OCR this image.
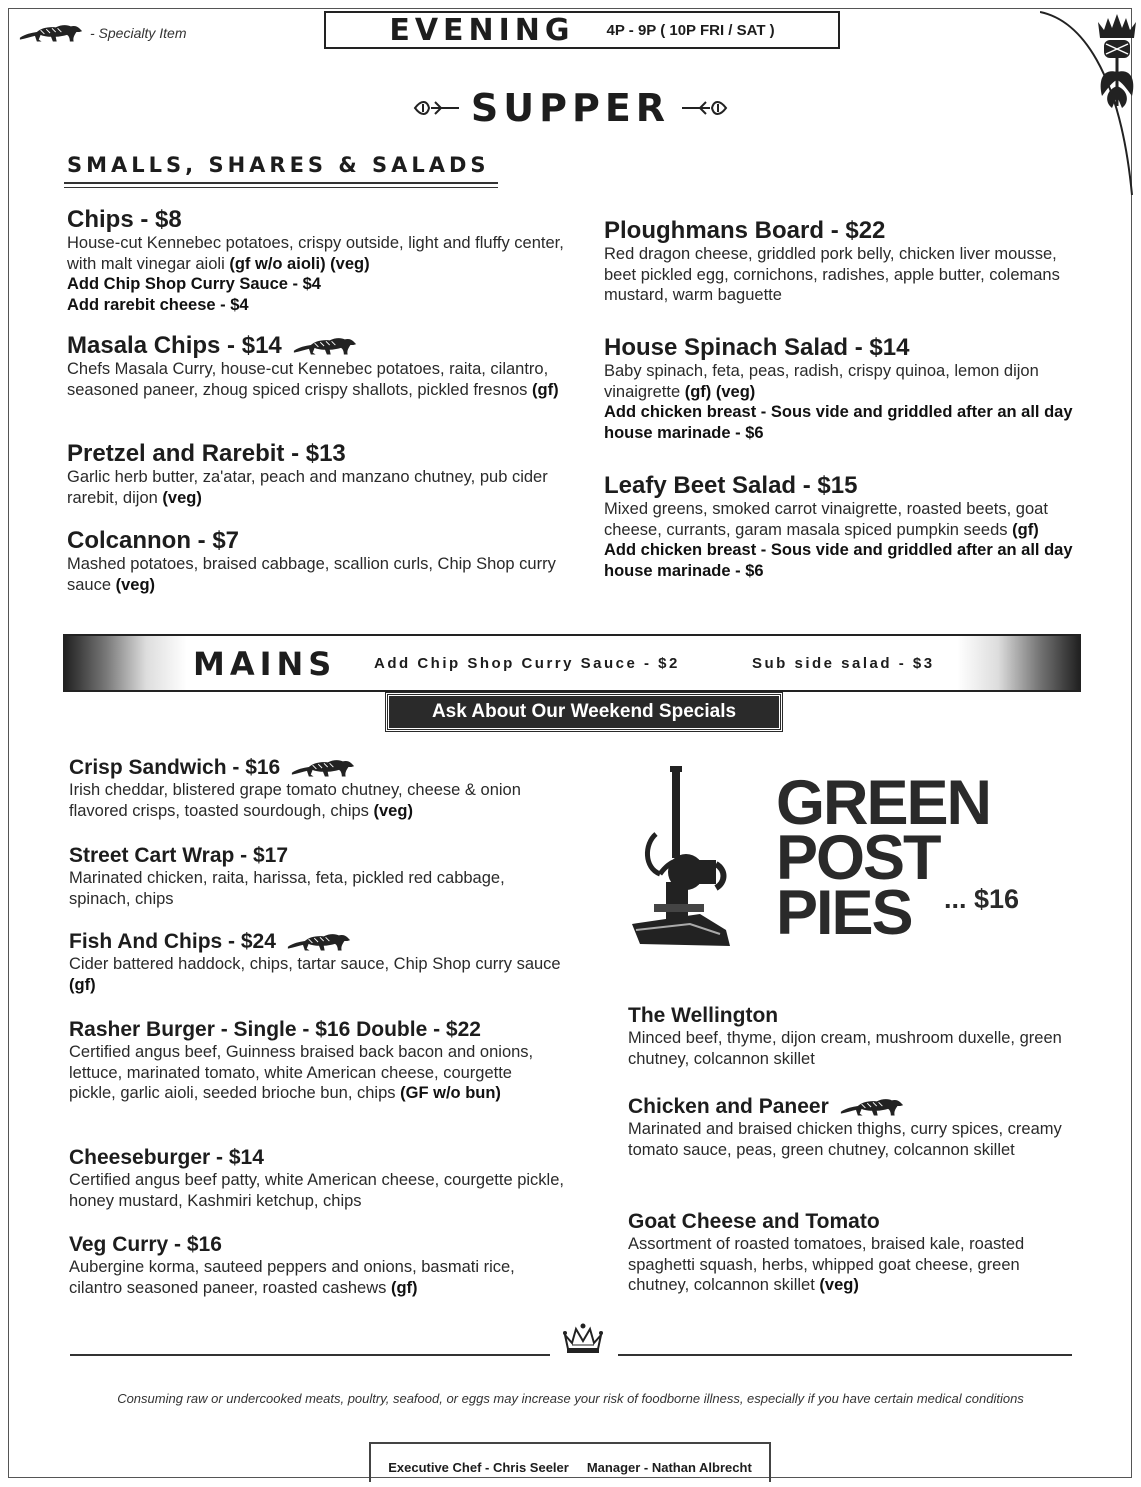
- Specialty Item	EVENING 4P - 9P ( 10P FRI / SAT )
SUPPER
SMALLS, SHARES & SALADS
Chips - $8
House-cut Kennebec potatoes, crispy outside, light and fluffy center, with malt vinegar aioli (gf w/o aioli) (veg)
Add Chip Shop Curry Sauce - $4
Add rarebit cheese - $4
Masala Chips - $14
Chefs Masala Curry, house-cut Kennebec potatoes, raita, cilantro, seasoned paneer, zhoug spiced crispy shallots, pickled fresnos (gf)
Pretzel and Rarebit - $13
Garlic herb butter, za'atar, peach and manzano chutney, pub cider rarebit, dijon (veg)
Colcannon - $7
Mashed potatoes, braised cabbage, scallion curls, Chip Shop curry sauce (veg)
Ploughmans Board - $22
Red dragon cheese, griddled pork belly, chicken liver mousse, beet pickled egg, cornichons, radishes, apple butter, colemans mustard, warm baguette
House Spinach Salad - $14
Baby spinach, feta, peas, radish, crispy quinoa, lemon dijon vinaigrette (gf) (veg)
Add chicken breast - Sous vide and griddled after an all day house marinade - $6
Leafy Beet Salad - $15
Mixed greens, smoked carrot vinaigrette, roasted beets, goat cheese, currants, garam masala spiced pumpkin seeds (gf)
Add chicken breast - Sous vide and griddled after an all day house marinade - $6
MAINS	Add Chip Shop Curry Sauce - $2	Sub side salad - $3
Ask About Our Weekend Specials
Crisp Sandwich - $16
Irish cheddar, blistered grape tomato chutney, cheese & onion flavored crisps, toasted sourdough, chips (veg)
Street Cart Wrap - $17
Marinated chicken, raita, harissa, feta, pickled red cabbage, spinach, chips
Fish And Chips - $24
Cider battered haddock, chips, tartar sauce, Chip Shop curry sauce (gf)
Rasher Burger - Single - $16 Double - $22
Certified angus beef, Guinness braised back bacon and onions, lettuce, marinated tomato, white American cheese, courgette pickle, garlic aioli, seeded brioche bun, chips (GF w/o bun)
Cheeseburger - $14
Certified angus beef patty, white American cheese, courgette pickle, honey mustard, Kashmiri ketchup, chips
Veg Curry - $16
Aubergine korma, sauteed peppers and onions, basmati rice, cilantro seasoned paneer, roasted cashews (gf)
GREEN
POST
PIES	... $16
The Wellington
Minced beef, thyme, dijon cream, mushroom duxelle, green chutney, colcannon skillet
Chicken and Paneer
Marinated and braised chicken thighs, curry spices, creamy tomato sauce, peas, green chutney, colcannon skillet
Goat Cheese and Tomato
Assortment of roasted tomatoes, braised kale, roasted spaghetti squash, herbs, whipped goat cheese, green chutney, colcannon skillet (veg)
Consuming raw or undercooked meats, poultry, seafood, or eggs may increase your risk of foodborne illness, especially if you have certain medical conditions
Executive Chef - Chris Seeler Manager - Nathan Albrecht
